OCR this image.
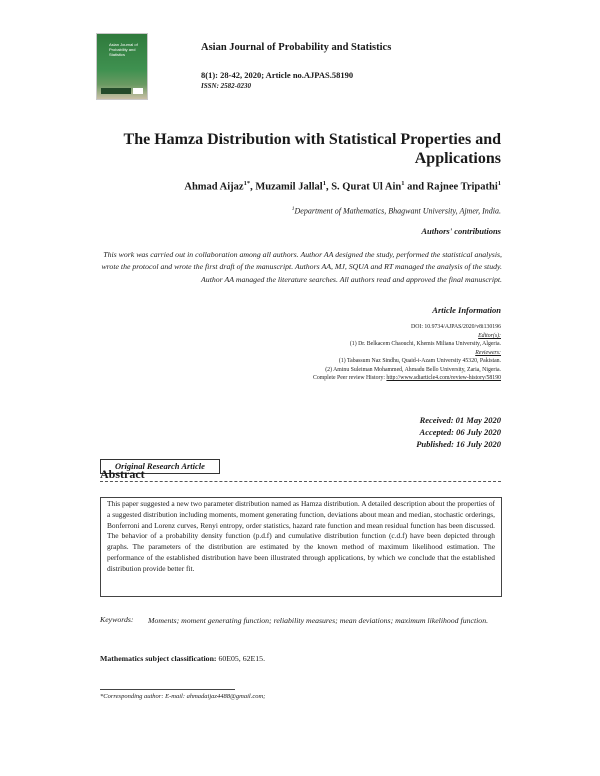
Asian Journal of Probability and Statistics
Asian Journal of Probability and Statistics
8(1): 28-42, 2020; Article no.AJPAS.58190
ISSN: 2582-0230
The Hamza Distribution with Statistical Properties and Applications
Ahmad Aijaz$^{1*}$, Muzamil Jallal$^1$, S. Qurat Ul Ain$^1$ and Rajnee Tripathi$^1$
$^1$Department of Mathematics, Bhagwant University, Ajmer, India.
Authors' contributions
This work was carried out in collaboration among all authors. Author AA designed the study, performed the statistical analysis, wrote the protocol and wrote the first draft of the manuscript. Authors AA, MJ, SQUA and RT managed the analysis of the study. Author AA managed the literature searches. All authors read and approved the final manuscript.
Article Information
DOI: 10.9734/AJPAS/2020/v8i130196
Editor(s):
(1) Dr. Belkacem Chaouchi, Khemis Miliana University, Algeria.
Reviewers:
(1) Tabassum Naz Sindhu, Quaid-i-Azam University 45320, Pakistan.
(2) Aminu Suleiman Mohammed, Ahmadu Bello University, Zaria, Nigeria.
Complete Peer review History: http://www.sdiarticle4.com/review-history/58190
Received: 01 May 2020
Accepted: 06 July 2020
Published: 16 July 2020
Original Research Article
Abstract
This paper suggested a new two parameter distribution named as Hamza distribution. A detailed description about the properties of a suggested distribution including moments, moment generating function, deviations about mean and median, stochastic orderings, Bonferroni and Lorenz curves, Renyi entropy, order statistics, hazard rate function and mean residual function has been discussed. The behavior of a probability density function (p.d.f) and cumulative distribution function (c.d.f) have been depicted through graphs. The parameters of the distribution are estimated by the known method of maximum likelihood estimation. The performance of the established distribution have been illustrated through applications, by which we conclude that the established distribution provide better fit.
Keywords: Moments; moment generating function; reliability measures; mean deviations; maximum likelihood function.
Mathematics subject classification: 60E05, 62E15.
*Corresponding author: E-mail: ahmadaijaz4488@gmail.com;
